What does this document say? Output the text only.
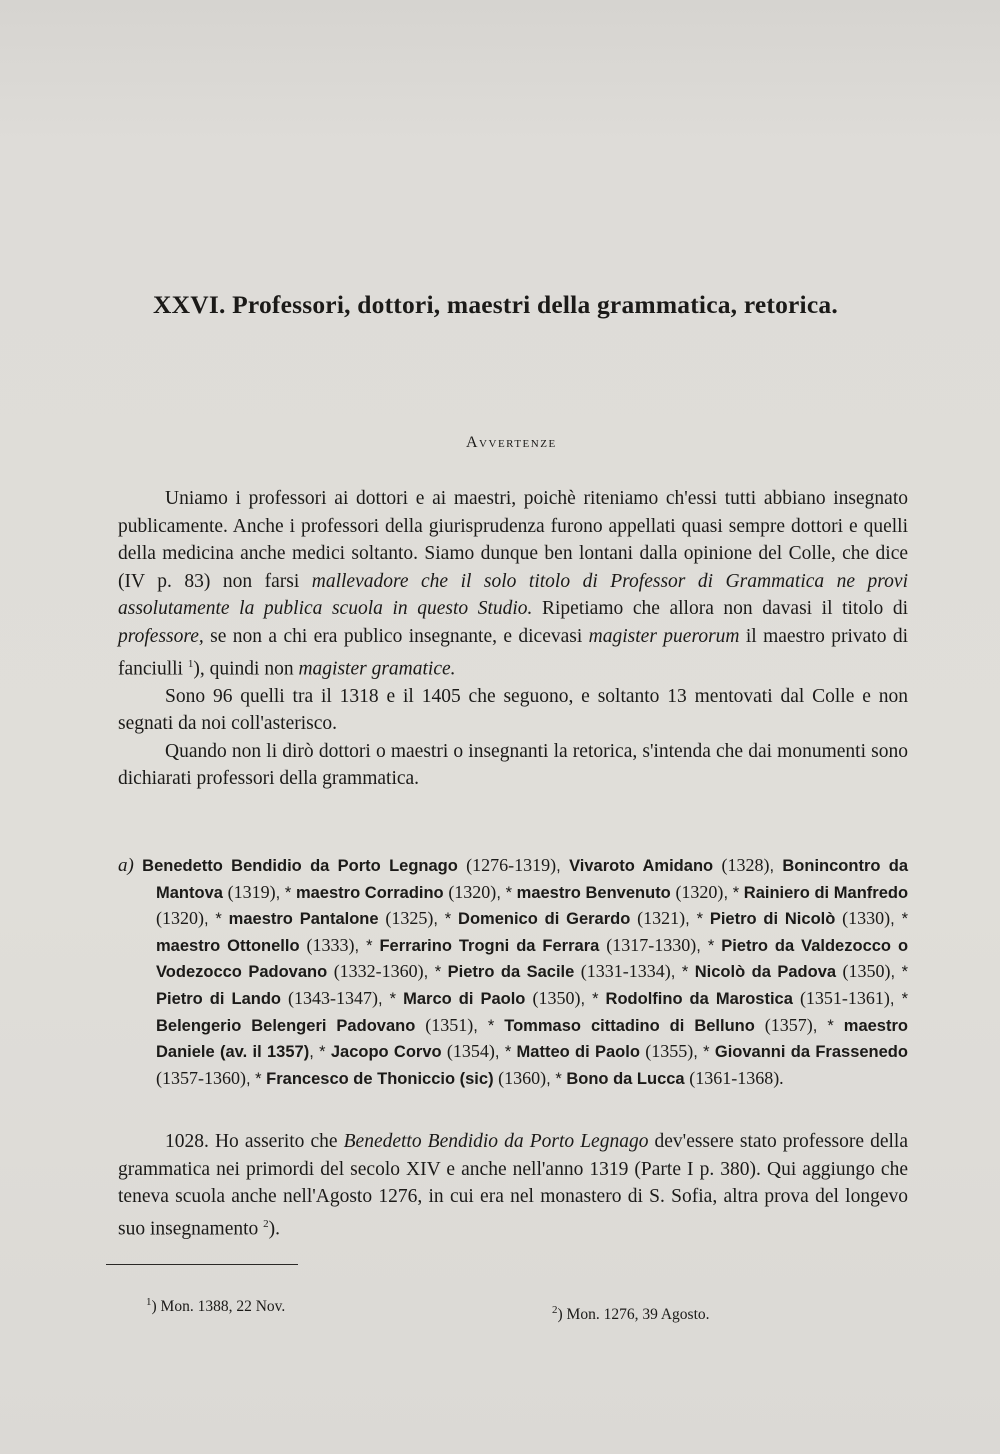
XXVI. Professori, dottori, maestri della grammatica, retorica.
Avvertenze

Uniamo i professori ai dottori e ai maestri, poichè riteniamo ch'essi tutti abbiano insegnato publicamente. Anche i professori della giurisprudenza furono appellati quasi sempre dottori e quelli della medicina anche medici soltanto. Siamo dunque ben lontani dalla opinione del Colle, che dice (IV p. 83) non farsi mallevadore che il solo titolo di Professor di Grammatica ne provi assolutamente la publica scuola in questo Studio. Ripetiamo che allora non davasi il titolo di professore, se non a chi era publico insegnante, e dicevasi magister puerorum il maestro privato di fanciulli $^1$), quindi non magister gramatice.

Sono 96 quelli tra il 1318 e il 1405 che seguono, e soltanto 13 mentovati dal Colle e non segnati da noi coll'asterisco.

Quando non li dirò dottori o maestri o insegnanti la retorica, s'intenda che dai monumenti sono dichiarati professori della grammatica.

a) Benedetto Bendidio da Porto Legnago (1276-1319), Vivaroto Amidano (1328), Bonincontro da Mantova (1319), * maestro Corradino (1320), * maestro Benvenuto (1320), * Rainiero di Manfredo (1320), * maestro Pantalone (1325), * Domenico di Gerardo (1321), * Pietro di Nicolò (1330), * maestro Ottonello (1333), * Ferrarino Trogni da Ferrara (1317-1330), * Pietro da Valdezocco o Vodezocco Padovano (1332-1360), * Pietro da Sacile (1331-1334), * Nicolò da Padova (1350), * Pietro di Lando (1343-1347), * Marco di Paolo (1350), * Rodolfino da Marostica (1351-1361), * Belengerio Belengeri Padovano (1351), * Tommaso cittadino di Belluno (1357), * maestro Daniele (av. il 1357), * Jacopo Corvo (1354), * Matteo di Paolo (1355), * Giovanni da Frassenedo (1357-1360), * Francesco de Thoniccio (sic) (1360), * Bono da Lucca (1361-1368).

1028. Ho asserito che Benedetto Bendidio da Porto Legnago dev'essere stato professore della grammatica nei primordi del secolo XIV e anche nell'anno 1319 (Parte I p. 380). Qui aggiungo che teneva scuola anche nell'Agosto 1276, in cui era nel monastero di S. Sofia, altra prova del longevo suo insegnamento $^2$).

$^1$) Mon. 1388, 22 Nov.	$^2$) Mon. 1276, 39 Agosto.
